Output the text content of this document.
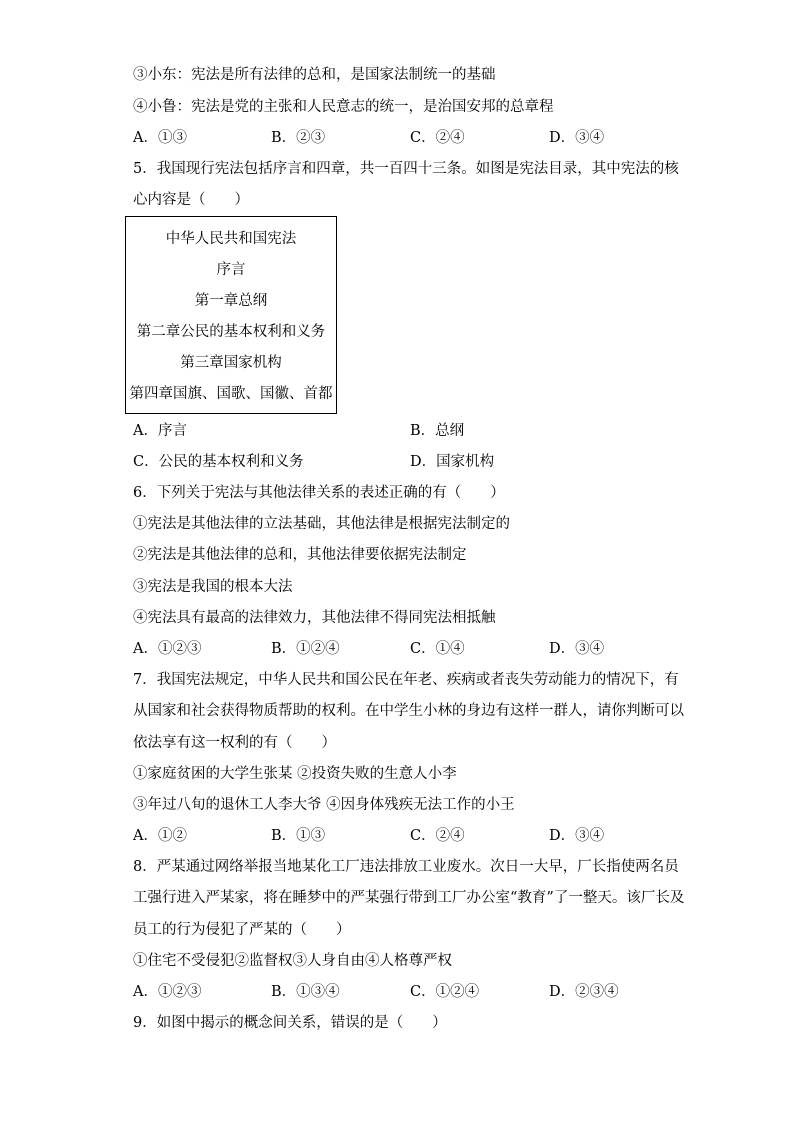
③小东：宪法是所有法律的总和，是国家法制统一的基础
④小鲁：宪法是党的主张和人民意志的统一，是治国安邦的总章程
A．①③	B．②③	C．②④	D．③④
5．我国现行宪法包括序言和四章，共一百四十三条。如图是宪法目录，其中宪法的核
心内容是（　　）
中华人民共和国宪法
序言
第一章总纲
第二章公民的基本权利和义务
第三章国家机构
第四章国旗、国歌、国徽、首都
A．序言	B．总纲
C．公民的基本权利和义务	D．国家机构
6．下列关于宪法与其他法律关系的表述正确的有（　　）
①宪法是其他法律的立法基础，其他法律是根据宪法制定的
②宪法是其他法律的总和，其他法律要依据宪法制定
③宪法是我国的根本大法
④宪法具有最高的法律效力，其他法律不得同宪法相抵触
A．①②③	B．①②④	C．①④	D．③④
7．我国宪法规定，中华人民共和国公民在年老、疾病或者丧失劳动能力的情况下，有
从国家和社会获得物质帮助的权利。在中学生小林的身边有这样一群人，请你判断可以
依法享有这一权利的有（　　）
①家庭贫困的大学生张某 ②投资失败的生意人小李
③年过八旬的退休工人李大爷 ④因身体残疾无法工作的小王
A．①②	B．①③	C．②④	D．③④
8．严某通过网络举报当地某化工厂违法排放工业废水。次日一大早，厂长指使两名员
工强行进入严某家，将在睡梦中的严某强行带到工厂办公室“教育”了一整天。该厂长及
员工的行为侵犯了严某的（　　）
①住宅不受侵犯②监督权③人身自由④人格尊严权
A．①②③	B．①③④	C．①②④	D．②③④
9．如图中揭示的概念间关系，错误的是（　　）
